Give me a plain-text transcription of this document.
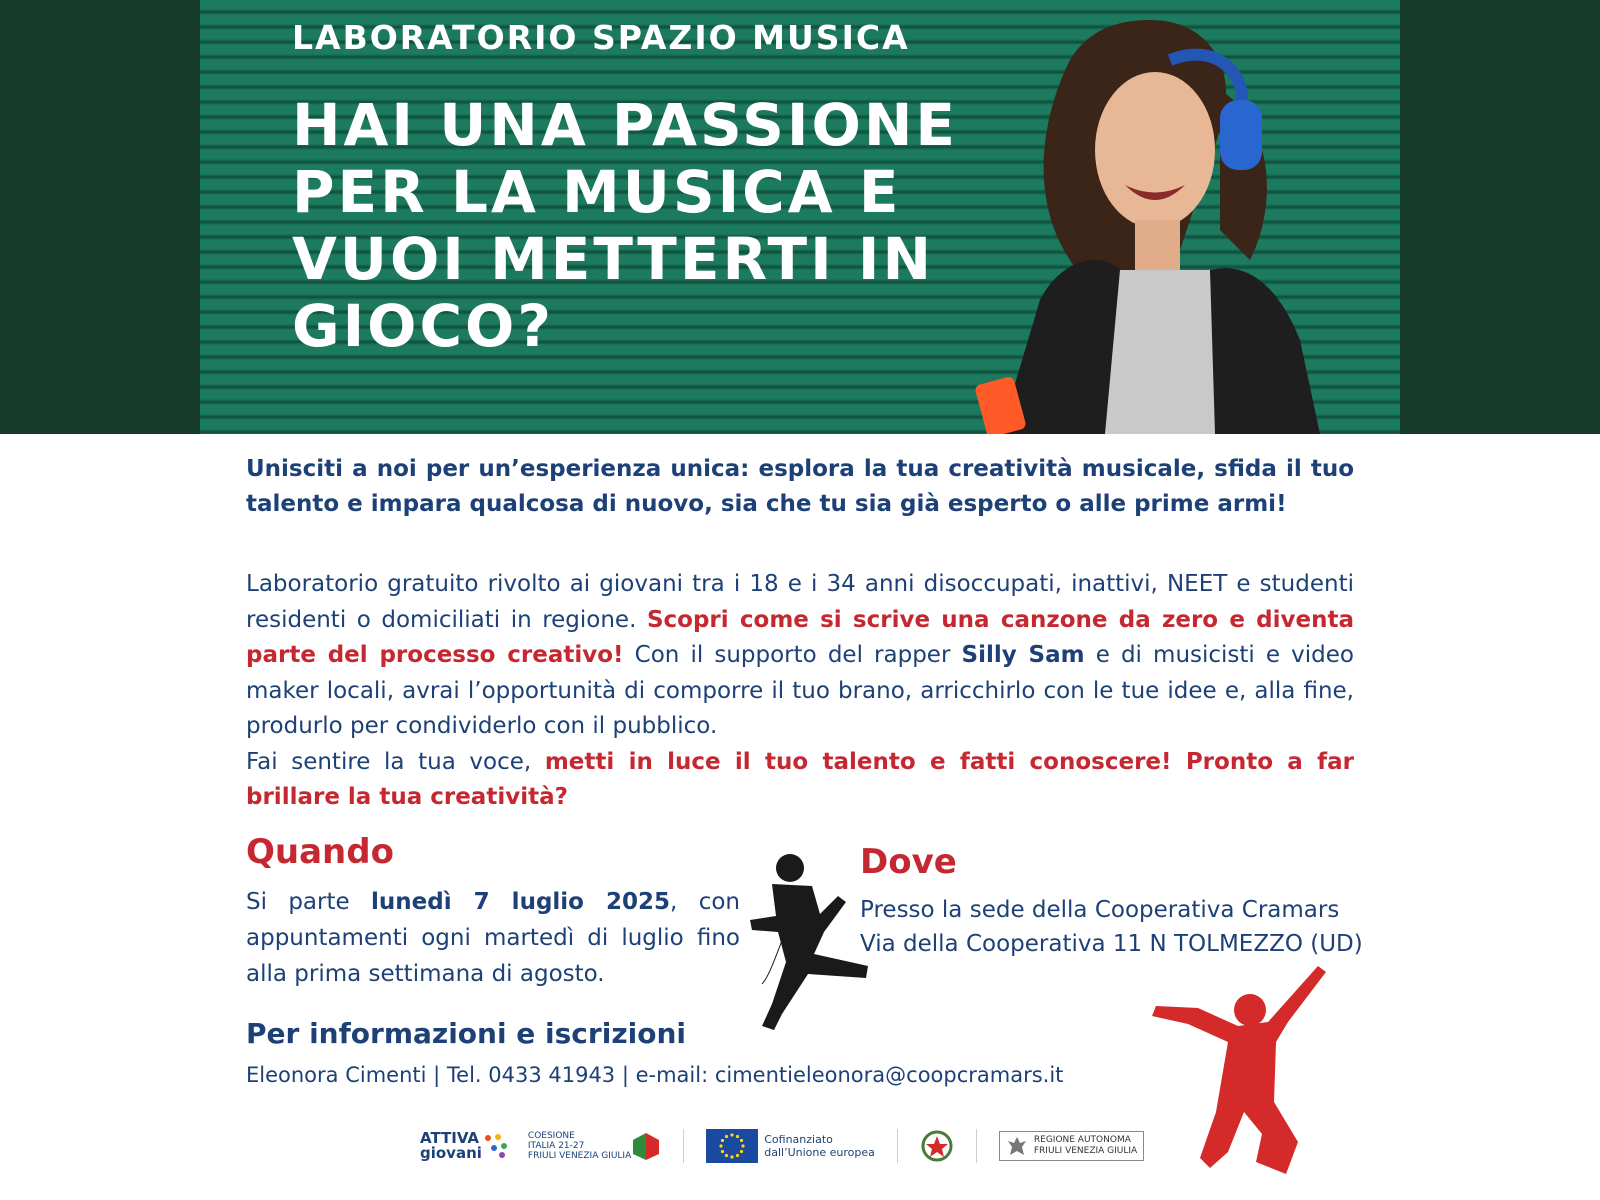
LABORATORIO SPAZIO MUSICA
HAI UNA PASSIONE
PER LA MUSICA E
VUOI METTERTI IN
GIOCO?
Unisciti a noi per un’esperienza unica: esplora la tua creatività musicale, sfida il tuo talento e impara qualcosa di nuovo, sia che tu sia già esperto o alle prime armi!
Laboratorio gratuito rivolto ai giovani tra i 18 e i 34 anni disoccupati, inattivi, NEET e studenti residenti o domiciliati in regione. Scopri come si scrive una canzone da zero e diventa parte del processo creativo! Con il supporto del rapper Silly Sam e di musicisti e video maker locali, avrai l’opportunità di comporre il tuo brano, arricchirlo con le tue idee e, alla fine, produrlo per condividerlo con il pubblico.
Fai sentire la tua voce, metti in luce il tuo talento e fatti conoscere! Pronto a far brillare la tua creatività?
Quando
Si parte lunedì 7 luglio 2025, con appuntamenti ogni martedì di luglio fino alla prima settimana di agosto.
Dove
Presso la sede della Cooperativa Cramars
Via della Cooperativa 11 N TOLMEZZO (UD)
Per informazioni e iscrizioni
Eleonora Cimenti | Tel. 0433 41943 | e-mail: cimentieleonora@coopcramars.it
ATTIVA
giovani
COESIONE
ITALIA 21-27
FRIULI VENEZIA GIULIA
Cofinanziato
dall’Unione europea
REGIONE AUTONOMA
FRIULI VENEZIA GIULIA
